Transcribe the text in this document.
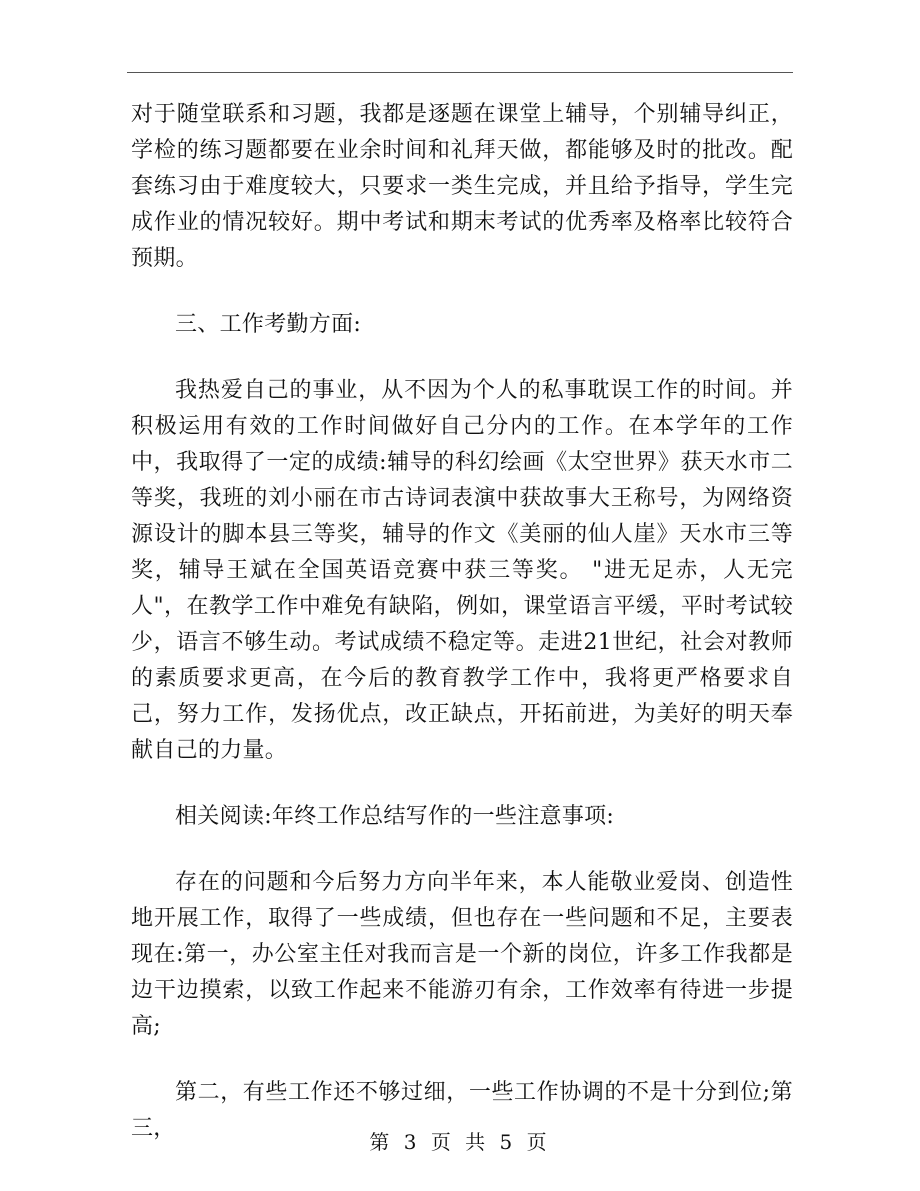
对于随堂联系和习题，我都是逐题在课堂上辅导，个别辅导纠正，学检的练习题都要在业余时间和礼拜天做，都能够及时的批改。配套练习由于难度较大，只要求一类生完成，并且给予指导，学生完成作业的情况较好。期中考试和期末考试的优秀率及格率比较符合预期。

三、工作考勤方面:

我热爱自己的事业，从不因为个人的私事耽误工作的时间。并积极运用有效的工作时间做好自己分内的工作。在本学年的工作中，我取得了一定的成绩:辅导的科幻绘画《太空世界》获天水市二等奖，我班的刘小丽在市古诗词表演中获故事大王称号，为网络资源设计的脚本县三等奖，辅导的作文《美丽的仙人崖》天水市三等奖，辅导王斌在全国英语竞赛中获三等奖。 "进无足赤，人无完人"，在教学工作中难免有缺陷，例如，课堂语言平缓，平时考试较少，语言不够生动。考试成绩不稳定等。走进21世纪，社会对教师的素质要求更高，在今后的教育教学工作中，我将更严格要求自己，努力工作，发扬优点，改正缺点，开拓前进，为美好的明天奉献自己的力量。

相关阅读:年终工作总结写作的一些注意事项:

存在的问题和今后努力方向半年来，本人能敬业爱岗、创造性地开展工作，取得了一些成绩，但也存在一些问题和不足，主要表现在:第一，办公室主任对我而言是一个新的岗位，许多工作我都是边干边摸索，以致工作起来不能游刃有余，工作效率有待进一步提高;

第二，有些工作还不够过细，一些工作协调的不是十分到位;第三，

第 3 页 共 5 页
